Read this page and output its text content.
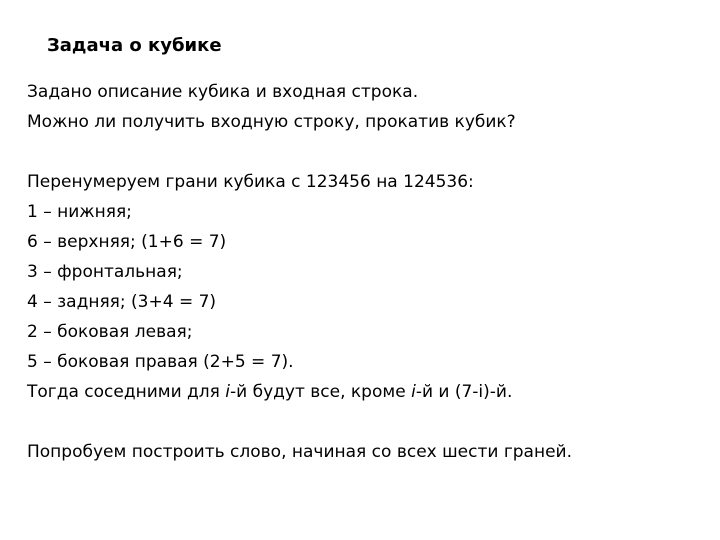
Задача о кубике
Задано описание кубика и входная строка.
Можно ли получить входную строку, прокатив кубик?
Перенумеруем грани кубика с 123456 на 124536:
1 – нижняя;
6 – верхняя; (1+6 = 7)
3 – фронтальная;
4 – задняя; (3+4 = 7)
2 – боковая левая;
5 – боковая правая (2+5 = 7).
Тогда соседними для i-й будут все, кроме i-й и (7-i)-й.
Попробуем построить слово, начиная со всех шести граней.
